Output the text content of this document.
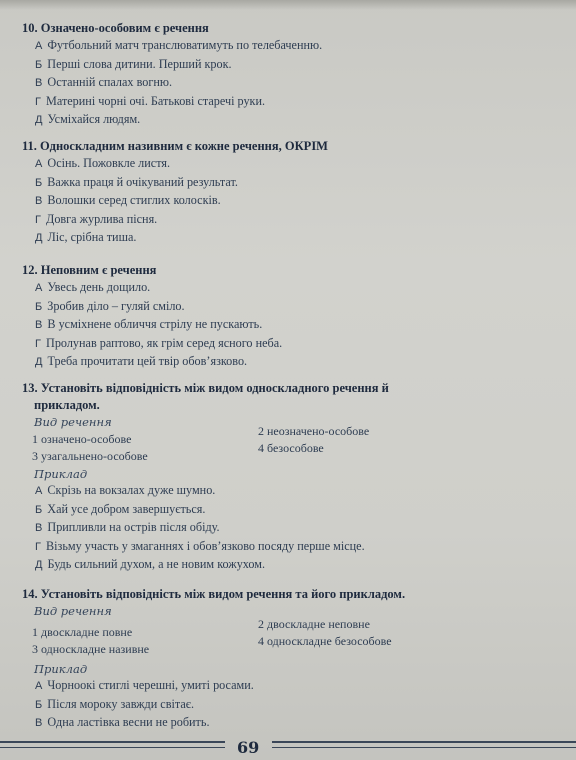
10. Означено-особовим є речення
А Футбольний матч транслюватимуть по телебаченню.
Б Перші слова дитини. Перший крок.
В Останній спалах вогню.
Г Материні чорні очі. Батькові старечі руки.
Д Усміхайся людям.
11. Односкладним називним є кожне речення, ОКРІМ
А Осінь. Пожовкле листя.
Б Важка праця й очікуваний результат.
В Волошки серед стиглих колосків.
Г Довга журлива пісня.
Д Ліс, срібна тиша.
12. Неповним є речення
А Увесь день дощило.
Б Зробив діло – гуляй сміло.
В В усміхнене обличчя стрілу не пускають.
Г Пролунав раптово, як грім серед ясного неба.
Д Треба прочитати цей твір обов’язково.
13. Установіть відповідність між видом односкладного речення й
прикладом.
Вид речення
1 означено-особове
2 неозначено-особове
3 узагальнено-особове
4 безособове
Приклад
А Скрізь на вокзалах дуже шумно.
Б Хай усе добром завершується.
В Припливли на острів після обіду.
Г Візьму участь у змаганнях і обов’язково посяду перше місце.
Д Будь сильний духом, а не новим кожухом.
14. Установіть відповідність між видом речення та його прикладом.
Вид речення
1 двоскладне повне
2 двоскладне неповне
3 односкладне називне
4 односкладне безособове
Приклад
А Чорноокі стиглі черешні, умиті росами.
Б Після мороку завжди світає.
В Одна ластівка весни не робить.
69
